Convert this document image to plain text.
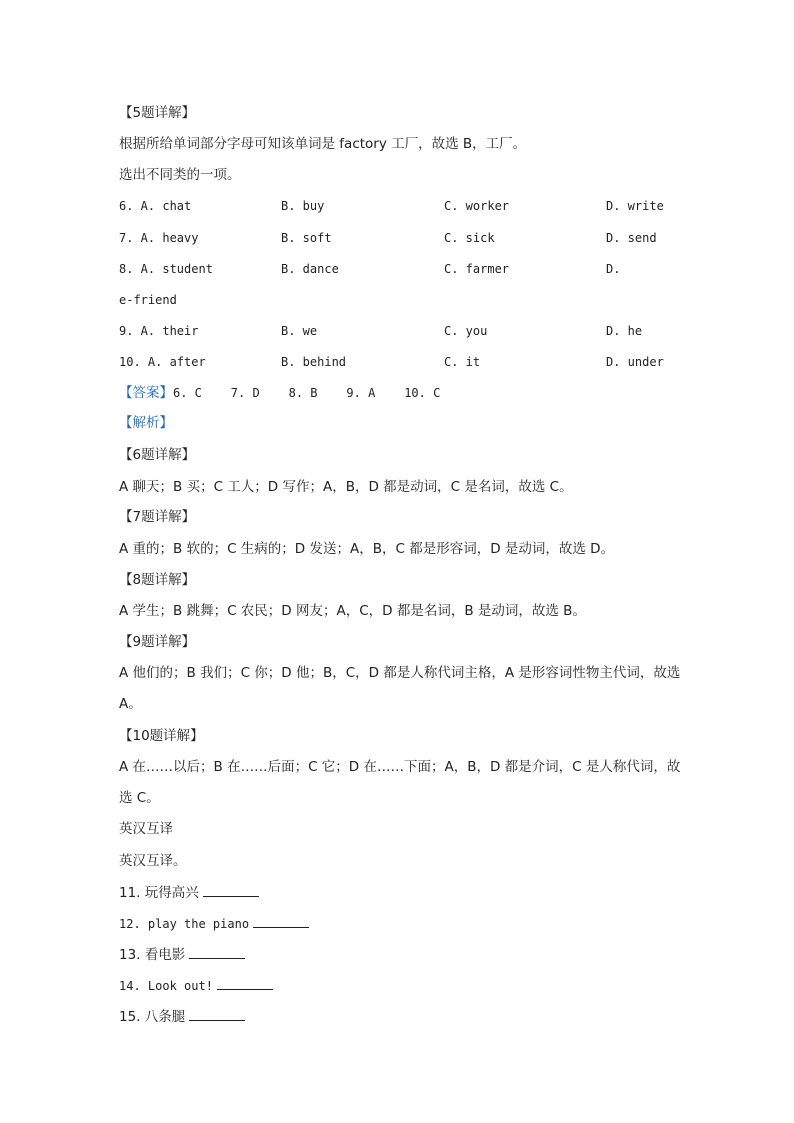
【5题详解】
根据所给单词部分字母可知该单词是 factory 工厂，故选 B，工厂。
选出不同类的一项。
6. A. chat	B. buy	C. worker	D. write
7. A. heavy	B. soft	C. sick	D. send
8. A. student	B. dance	C. farmer	D.
e-friend
9. A. their	B. we	C. you	D. he
10. A. after	B. behind	C. it	D. under
【答案】6. C    7. D    8. B    9. A    10. C
【解析】
【6题详解】
A 聊天；B 买；C 工人；D 写作；A，B，D 都是动词，C 是名词，故选 C。
【7题详解】
A 重的；B 软的；C 生病的；D 发送；A，B，C 都是形容词，D 是动词，故选 D。
【8题详解】
A 学生；B 跳舞；C 农民；D 网友；A，C，D 都是名词，B 是动词，故选 B。
【9题详解】
A 他们的；B 我们；C 你；D 他；B，C，D 都是人称代词主格，A 是形容词性物主代词，故选
A。
【10题详解】
A 在……以后；B 在……后面；C 它；D 在……下面；A，B，D 都是介词，C 是人称代词，故
选 C。
英汉互译
英汉互译。
11. 玩得高兴
12. play the piano
13. 看电影
14. Look out!
15. 八条腿
